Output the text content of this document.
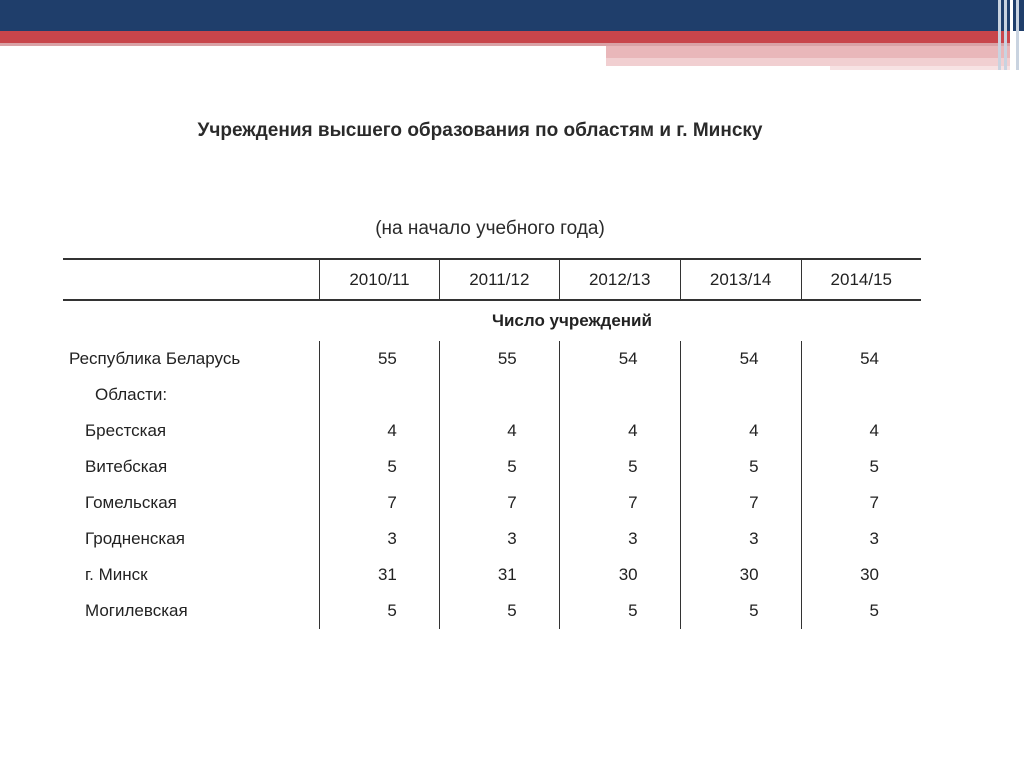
Учреждения высшего образования по областям и г. Минску
(на начало учебного года)
	2010/11	2011/12	2012/13	2013/14	2014/15
Число учреждений					
Республика Беларусь	55	55	54	54	54
Области:					
Брестская	4	4	4	4	4
Витебская	5	5	5	5	5
Гомельская	7	7	7	7	7
Гродненская	3	3	3	3	3
г. Минск	31	31	30	30	30
Могилевская	5	5	5	5	5
